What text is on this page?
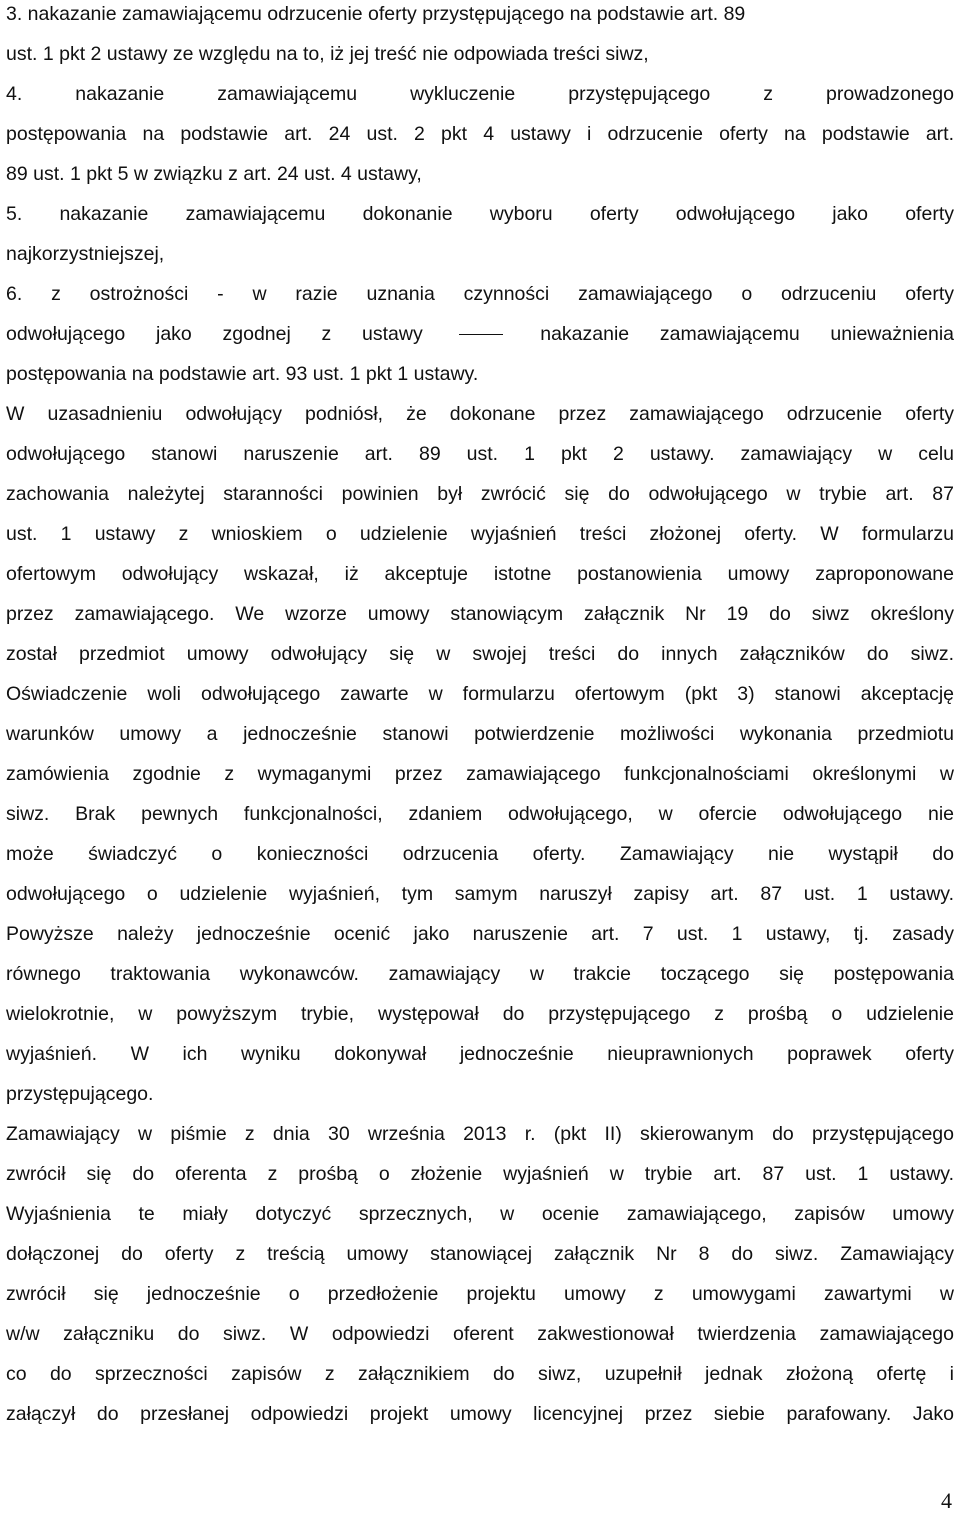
3. nakazanie zamawiającemu odrzucenie oferty przystępującego na podstawie art. 89
ust. 1 pkt 2 ustawy ze względu na to, iż jej treść nie odpowiada treści siwz,
4. nakazanie zamawiającemu wykluczenie przystępującego z prowadzonego
postępowania na podstawie art. 24 ust. 2 pkt 4 ustawy i odrzucenie oferty na podstawie art.
89 ust. 1 pkt 5 w związku z art. 24 ust. 4 ustawy,
5. nakazanie zamawiającemu dokonanie wyboru oferty odwołującego jako oferty
najkorzystniejszej,
6. z ostrożności - w razie uznania czynności zamawiającego o odrzuceniu oferty
odwołującego jako zgodnej z ustawy	nakazanie zamawiającemu unieważnienia
postępowania na podstawie art. 93 ust. 1 pkt 1 ustawy.
W uzasadnieniu odwołujący podniósł, że dokonane przez zamawiającego odrzucenie oferty
odwołującego stanowi naruszenie art. 89 ust. 1 pkt 2 ustawy. zamawiający w celu
zachowania należytej staranności powinien był zwrócić się do odwołującego w trybie art. 87
ust. 1 ustawy z wnioskiem o udzielenie wyjaśnień treści złożonej oferty. W formularzu
ofertowym odwołujący wskazał, iż akceptuje istotne postanowienia umowy zaproponowane
przez zamawiającego. We wzorze umowy stanowiącym załącznik Nr 19 do siwz określony
został przedmiot umowy odwołujący się w swojej treści do innych załączników do siwz.
Oświadczenie woli odwołującego zawarte w formularzu ofertowym (pkt 3) stanowi akceptację
warunków umowy a jednocześnie stanowi potwierdzenie możliwości wykonania przedmiotu
zamówienia zgodnie z wymaganymi przez zamawiającego funkcjonalnościami określonymi w
siwz. Brak pewnych funkcjonalności, zdaniem odwołującego, w ofercie odwołującego nie
może świadczyć o konieczności odrzucenia oferty. Zamawiający nie wystąpił do
odwołującego o udzielenie wyjaśnień, tym samym naruszył zapisy art. 87 ust. 1 ustawy.
Powyższe należy jednocześnie ocenić jako naruszenie art. 7 ust. 1 ustawy, tj. zasady
równego traktowania wykonawców. zamawiający w trakcie toczącego się postępowania
wielokrotnie, w powyższym trybie, występował do przystępującego z prośbą o udzielenie
wyjaśnień. W ich wyniku dokonywał jednocześnie nieuprawnionych poprawek oferty
przystępującego.
Zamawiający w piśmie z dnia 30 września 2013 r. (pkt II) skierowanym do przystępującego
zwrócił się do oferenta z prośbą o złożenie wyjaśnień w trybie art. 87 ust. 1 ustawy.
Wyjaśnienia te miały dotyczyć sprzecznych, w ocenie zamawiającego, zapisów umowy
dołączonej do oferty z treścią umowy stanowiącej załącznik Nr 8 do siwz. Zamawiający
zwrócił się jednocześnie o przedłożenie projektu umowy z umowygami zawartymi w
w/w załączniku do siwz. W odpowiedzi oferent zakwestionował twierdzenia zamawiającego
co do sprzeczności zapisów z załącznikiem do siwz, uzupełnił jednak złożoną ofertę i
załączył do przesłanej odpowiedzi projekt umowy licencyjnej przez siebie parafowany. Jako
4
